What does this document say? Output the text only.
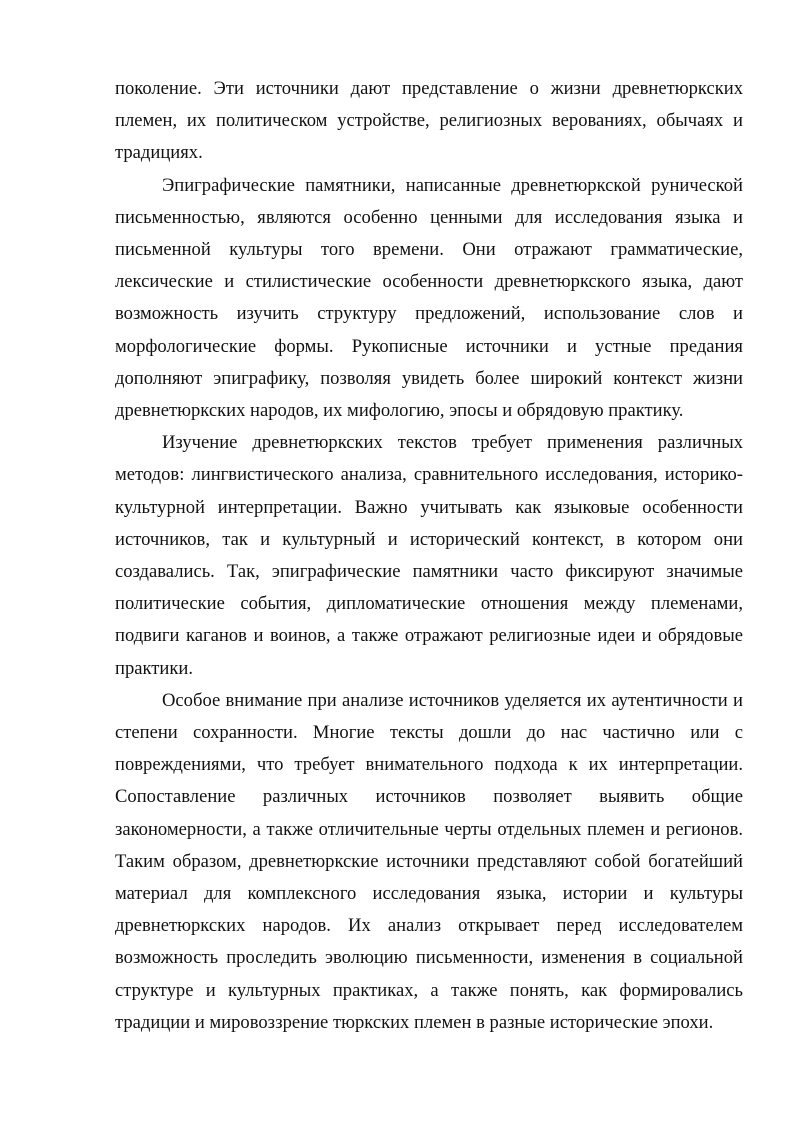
поколение. Эти источники дают представление о жизни древнетюркских племен, их политическом устройстве, религиозных верованиях, обычаях и традициях.

Эпиграфические памятники, написанные древнетюркской рунической письменностью, являются особенно ценными для исследования языка и письменной культуры того времени. Они отражают грамматические, лексические и стилистические особенности древнетюркского языка, дают возможность изучить структуру предложений, использование слов и морфологические формы. Рукописные источники и устные предания дополняют эпиграфику, позволяя увидеть более широкий контекст жизни древнетюркских народов, их мифологию, эпосы и обрядовую практику.

Изучение древнетюркских текстов требует применения различных методов: лингвистического анализа, сравнительного исследования, историко-культурной интерпретации. Важно учитывать как языковые особенности источников, так и культурный и исторический контекст, в котором они создавались. Так, эпиграфические памятники часто фиксируют значимые политические события, дипломатические отношения между племенами, подвиги каганов и воинов, а также отражают религиозные идеи и обрядовые практики.

Особое внимание при анализе источников уделяется их аутентичности и степени сохранности. Многие тексты дошли до нас частично или с повреждениями, что требует внимательного подхода к их интерпретации. Сопоставление различных источников позволяет выявить общие закономерности, а также отличительные черты отдельных племен и регионов. Таким образом, древнетюркские источники представляют собой богатейший материал для комплексного исследования языка, истории и культуры древнетюркских народов. Их анализ открывает перед исследователем возможность проследить эволюцию письменности, изменения в социальной структуре и культурных практиках, а также понять, как формировались традиции и мировоззрение тюркских племен в разные исторические эпохи.
